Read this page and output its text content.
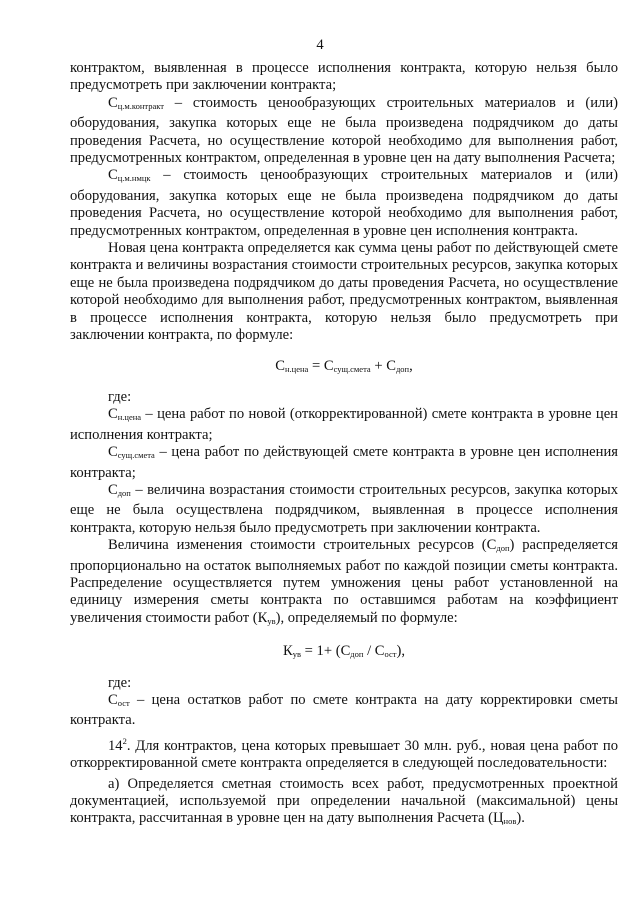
4

контрактом, выявленная в процессе исполнения контракта, которую нельзя было предусмотреть при заключении контракта;

$С_{ц.м.контракт}$ – стоимость ценообразующих строительных материалов и (или) оборудования, закупка которых еще не была произведена подрядчиком до даты проведения Расчета, но осуществление которой необходимо для выполнения работ, предусмотренных контрактом, определенная в уровне цен на дату выполнения Расчета;

$С_{ц.м.нмцк}$ – стоимость ценообразующих строительных материалов и (или) оборудования, закупка которых еще не была произведена подрядчиком до даты проведения Расчета, но осуществление которой необходимо для выполнения работ, предусмотренных контрактом, определенная в уровне цен исполнения контракта.

Новая цена контракта определяется как сумма цены работ по действующей смете контракта и величины возрастания стоимости строительных ресурсов, закупка которых еще не была произведена подрядчиком до даты проведения Расчета, но осуществление которой необходимо для выполнения работ, предусмотренных контрактом, выявленная в процессе исполнения контракта, которую нельзя было предусмотреть при заключении контракта, по формуле:

$С_{н.цена} = С_{сущ.смета} + С_{доп}$,

где:

$С_{н.цена}$ – цена работ по новой (откорректированной) смете контракта в уровне цен исполнения контракта;

$С_{сущ.смета}$ – цена работ по действующей смете контракта в уровне цен исполнения контракта;

$С_{доп}$ – величина возрастания стоимости строительных ресурсов, закупка которых еще не была осуществлена подрядчиком, выявленная в процессе исполнения контракта, которую нельзя было предусмотреть при заключении контракта.

Величина изменения стоимости строительных ресурсов $(С_{доп})$ распределяется пропорционально на остаток выполняемых работ по каждой позиции сметы контракта. Распределение осуществляется путем умножения цены работ установленной на единицу измерения сметы контракта по оставшимся работам на коэффициент увеличения стоимости работ $(К_{ув})$, определяемый по формуле:

$К_{ув} = 1+ (С_{доп} / С_{ост})$,

где:

$С_{ост}$ – цена остатков работ по смете контракта на дату корректировки сметы контракта.

$14^2$. Для контрактов, цена которых превышает 30 млн. руб., новая цена работ по откорректированной смете контракта определяется в следующей последовательности:

а) Определяется сметная стоимость всех работ, предусмотренных проектной документацией, используемой при определении начальной (максимальной) цены контракта, рассчитанная в уровне цен на дату выполнения Расчета $(Ц_{нов})$.
